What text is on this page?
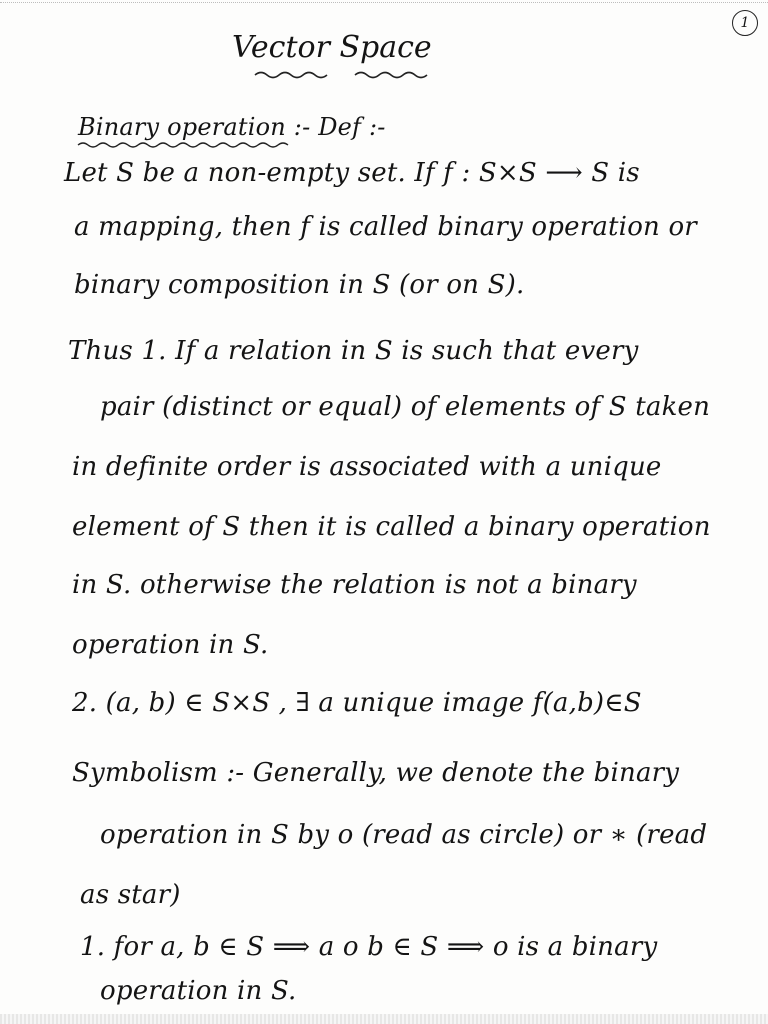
1
Vector Space
Binary operation :- Def :-
Let S be a non-empty set. If f : S×S ⟶ S is
a mapping, then f is called binary operation or
binary composition in S (or on S).
Thus 1. If a relation in S is such that every
pair (distinct or equal) of elements of S taken
in definite order is associated with a unique
element of S then it is called a binary operation
in S. otherwise the relation is not a binary
operation in S.
2. (a, b) ∈ S×S , ∃ a unique image f(a,b)∈S
Symbolism :- Generally, we denote the binary
operation in S by o (read as circle) or ∗ (read
as star)
1. for a, b ∈ S ⟹ a o b ∈ S ⟹ o is a binary
operation in S.
